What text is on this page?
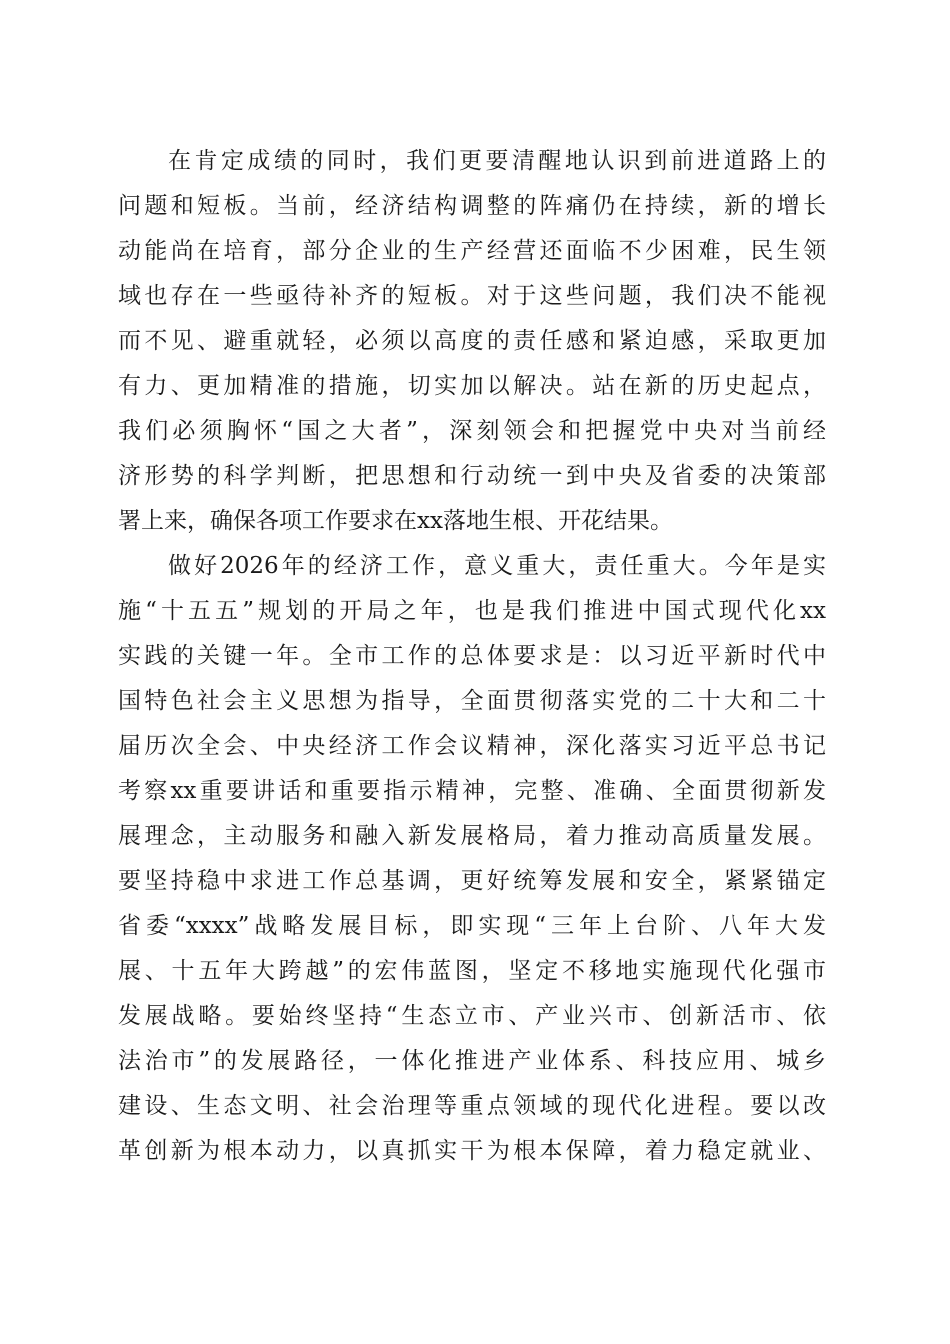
在肯定成绩的同时，我们更要清醒地认识到前进道路上的
问题和短板。当前，经济结构调整的阵痛仍在持续，新的增长
动能尚在培育，部分企业的生产经营还面临不少困难，民生领
域也存在一些亟待补齐的短板。对于这些问题，我们决不能视
而不见、避重就轻，必须以高度的责任感和紧迫感，采取更加
有力、更加精准的措施，切实加以解决。站在新的历史起点，
我们必须胸怀“国之大者”，深刻领会和把握党中央对当前经
济形势的科学判断，把思想和行动统一到中央及省委的决策部
署上来，确保各项工作要求在xx落地生根、开花结果。
做好2026年的经济工作，意义重大，责任重大。今年是实
施“十五五”规划的开局之年，也是我们推进中国式现代化xx
实践的关键一年。全市工作的总体要求是：以习近平新时代中
国特色社会主义思想为指导，全面贯彻落实党的二十大和二十
届历次全会、中央经济工作会议精神，深化落实习近平总书记
考察xx重要讲话和重要指示精神，完整、准确、全面贯彻新发
展理念，主动服务和融入新发展格局，着力推动高质量发展。
要坚持稳中求进工作总基调，更好统筹发展和安全，紧紧锚定
省委“xxxx”战略发展目标，即实现“三年上台阶、八年大发
展、十五年大跨越”的宏伟蓝图，坚定不移地实施现代化强市
发展战略。要始终坚持“生态立市、产业兴市、创新活市、依
法治市”的发展路径，一体化推进产业体系、科技应用、城乡
建设、生态文明、社会治理等重点领域的现代化进程。要以改
革创新为根本动力，以真抓实干为根本保障，着力稳定就业、
